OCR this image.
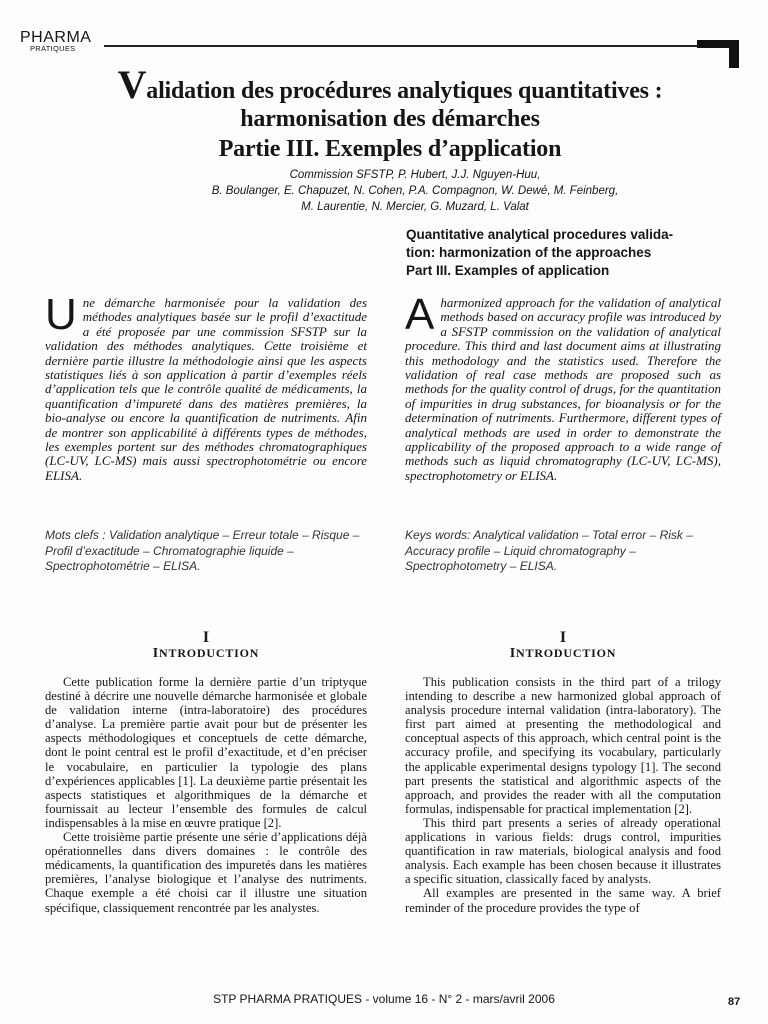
PHARMA
PRATIQUES
Validation des procédures analytiques quantitatives :
harmonisation des démarches
Partie III. Exemples d’application
Commission SFSTP, P. Hubert, J.J. Nguyen-Huu,
B. Boulanger, E. Chapuzet, N. Cohen, P.A. Compagnon, W. Dewé, M. Feinberg,
M. Laurentie, N. Mercier, G. Muzard, L. Valat
Quantitative analytical procedures valida-
tion: harmonization of the approaches
Part III. Examples of application
Une démarche harmonisée pour la validation des méthodes analytiques basée sur le profil d’exactitude a été proposée par une commission SFSTP sur la validation des méthodes analytiques. Cette troisième et dernière partie illustre la méthodologie ainsi que les aspects statistiques liés à son application à partir d’exemples réels d’application tels que le contrôle qualité de médicaments, la quantification d’impureté dans des matières premières, la bio-analyse ou encore la quantification de nutriments. Afin de montrer son applicabilité à différents types de méthodes, les exemples portent sur des méthodes chromatographiques (LC-UV, LC-MS) mais aussi spectrophotométrie ou encore ELISA.
Mots clefs : Validation analytique – Erreur totale – Risque – Profil d’exactitude – Chromatographie liquide – Spectrophotométrie – ELISA.
Aharmonized approach for the validation of analytical methods based on accuracy profile was introduced by a SFSTP commission on the validation of analytical procedure. This third and last document aims at illustrating this methodology and the statistics used. Therefore the validation of real case methods are proposed such as methods for the quality control of drugs, for the quantitation of impurities in drug substances, for bioanalysis or for the determination of nutriments. Furthermore, different types of analytical methods are used in order to demonstrate the applicability of the proposed approach to a wide range of methods such as liquid chromatography (LC-UV, LC-MS), spectrophotometry or ELISA.
Keys words: Analytical validation – Total error – Risk – Accuracy profile – Liquid chromatography – Spectrophotometry – ELISA.
I
INTRODUCTION

Cette publication forme la dernière partie d’un triptyque destiné à décrire une nouvelle démarche harmonisée et globale de validation interne (intra-laboratoire) des procédures d’analyse. La première partie avait pour but de présenter les aspects méthodologiques et conceptuels de cette démarche, dont le point central est le profil d’exactitude, et d’en préciser le vocabulaire, en particulier la typologie des plans d’expériences applicables [1]. La deuxième partie présentait les aspects statistiques et algorithmiques de la démarche et fournissait au lecteur l’ensemble des formules de calcul indispensables à la mise en œuvre pratique [2].

Cette troisième partie présente une série d’applications déjà opérationnelles dans divers domaines : le contrôle des médicaments, la quantification des impuretés dans les matières premières, l’analyse biologique et l’analyse des nutriments. Chaque exemple a été choisi car il illustre une situation spécifique, classiquement rencontrée par les analystes.

I
INTRODUCTION

This publication consists in the third part of a trilogy intending to describe a new harmonized global approach of analysis procedure internal validation (intra-laboratory). The first part aimed at presenting the methodological and conceptual aspects of this approach, which central point is the accuracy profile, and specifying its vocabulary, particularly the applicable experimental designs typology [1]. The second part presents the statistical and algorithmic aspects of the approach, and provides the reader with all the computation formulas, indispensable for practical implementation [2].

This third part presents a series of already operational applications in various fields: drugs control, impurities quantification in raw materials, biological analysis and food analysis. Each example has been chosen because it illustrates a specific situation, classically faced by analysts.

All examples are presented in the same way. A brief reminder of the procedure provides the type of

STP PHARMA PRATIQUES - volume 16 - N° 2 - mars/avril 2006	87
